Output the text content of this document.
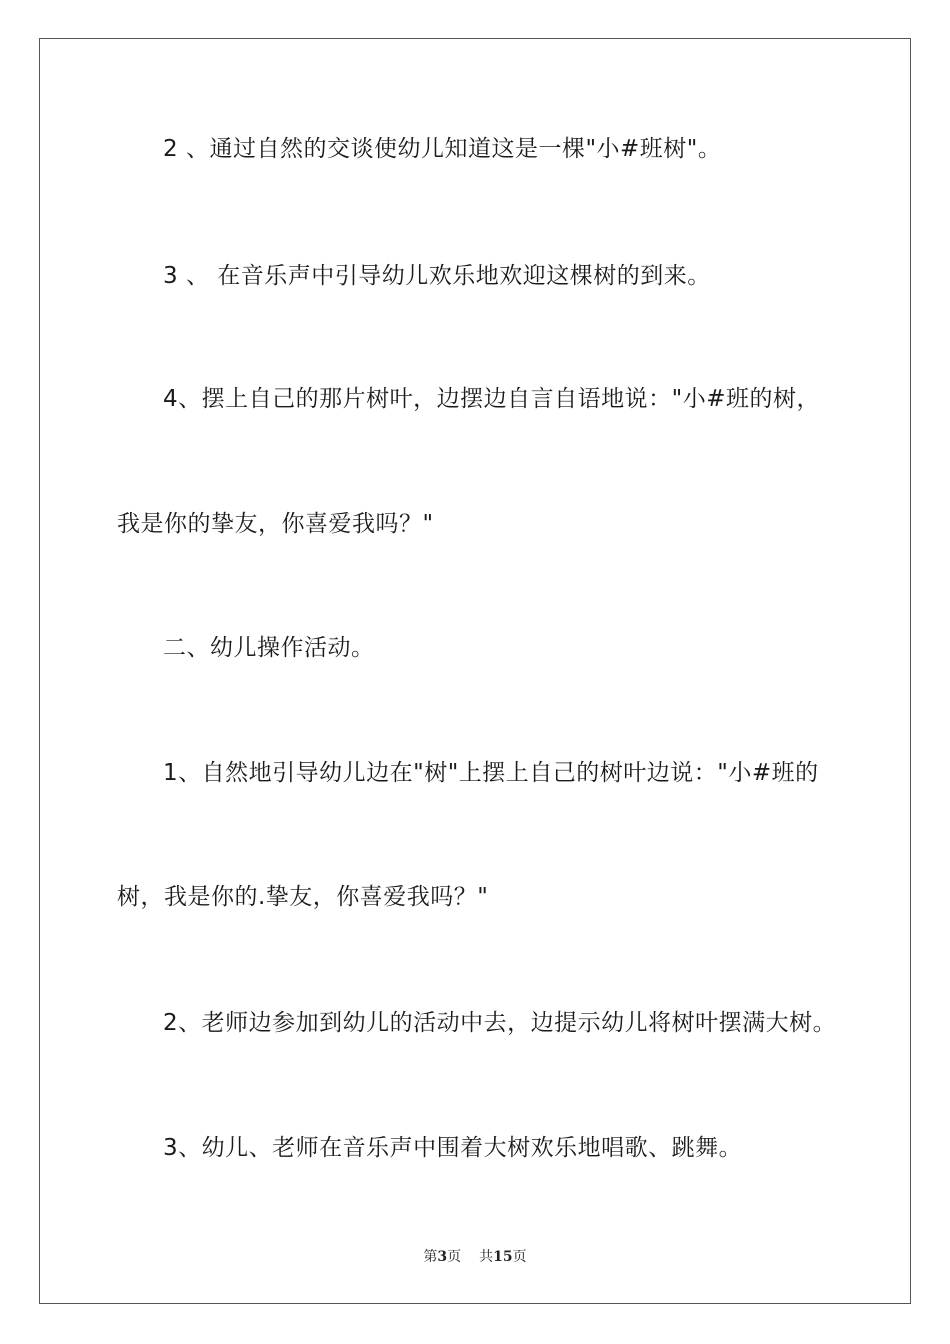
2 、通过自然的交谈使幼儿知道这是一棵"小#班树"。
3 、 在音乐声中引导幼儿欢乐地欢迎这棵树的到来。
4、摆上自己的那片树叶，边摆边自言自语地说："小#班的树，
我是你的挚友，你喜爱我吗？"
二、幼儿操作活动。
1、自然地引导幼儿边在"树"上摆上自己的树叶边说："小#班的
树，我是你的.挚友，你喜爱我吗？"
2、老师边参加到幼儿的活动中去，边提示幼儿将树叶摆满大树。
3、幼儿、老师在音乐声中围着大树欢乐地唱歌、跳舞。
第3页 共15页
